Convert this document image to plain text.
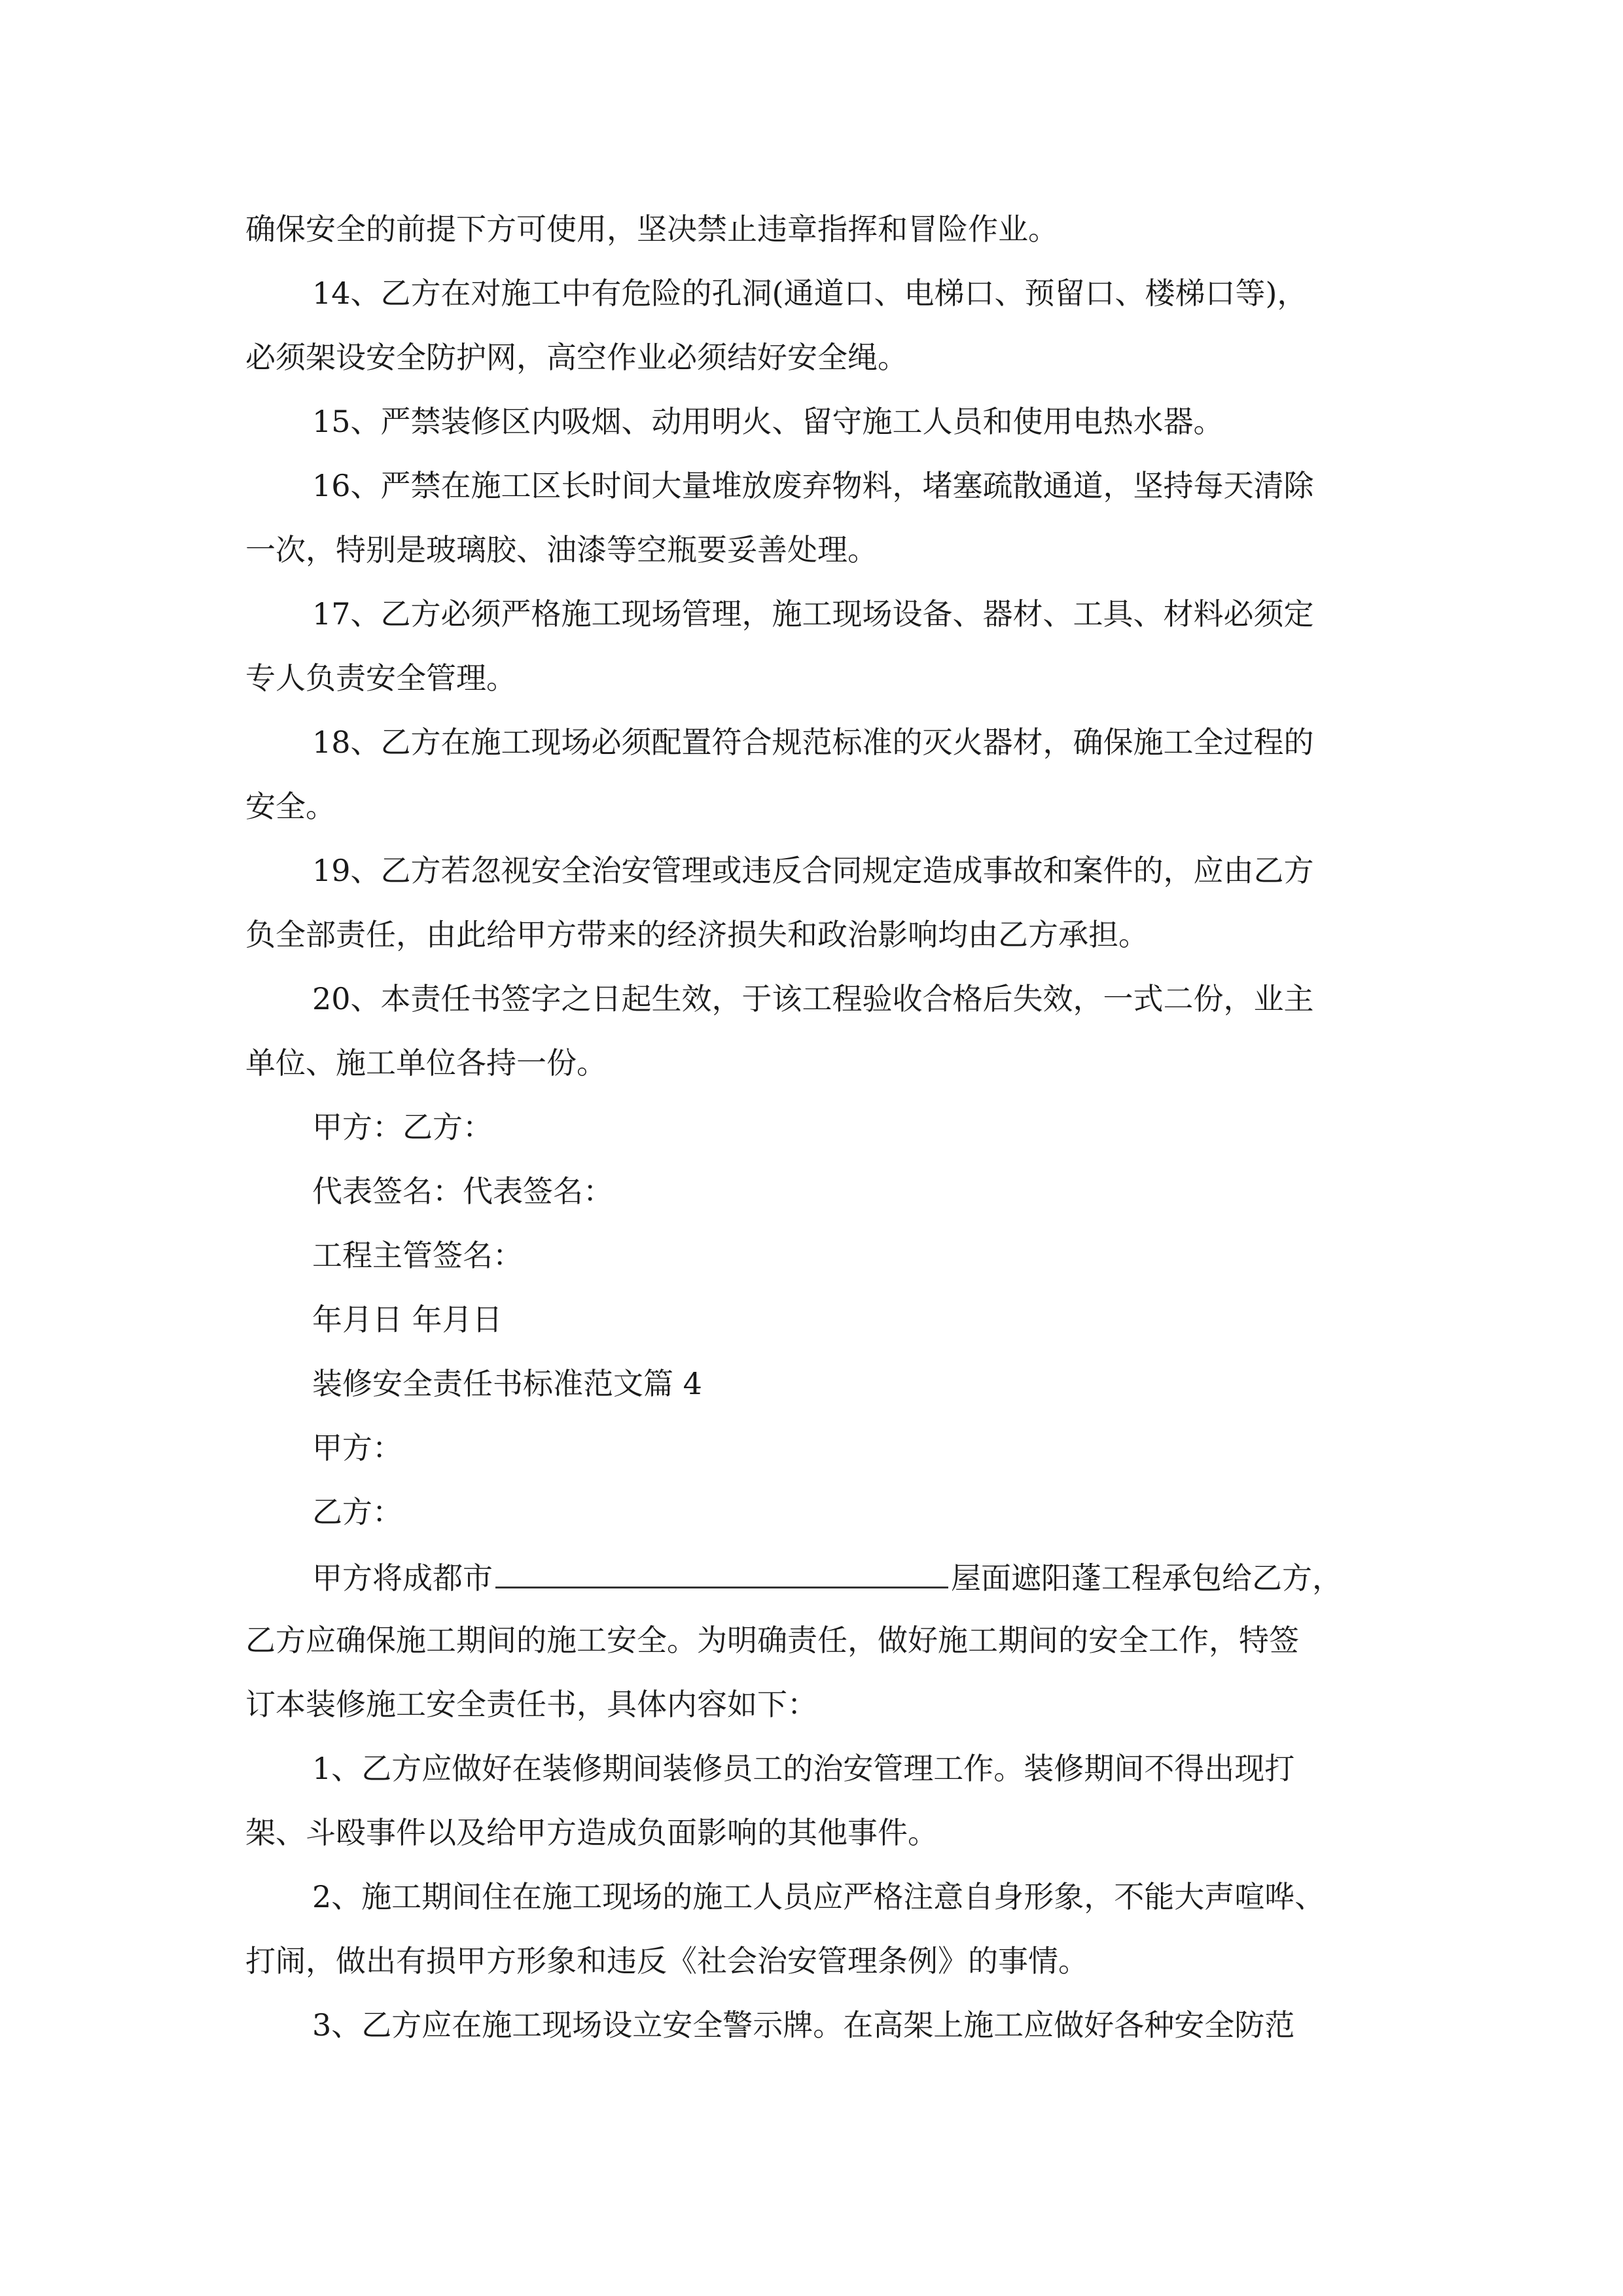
确保安全的前提下方可使用，坚决禁止违章指挥和冒险作业。
14、乙方在对施工中有危险的孔洞(通道口、电梯口、预留口、楼梯口等)，
必须架设安全防护网，高空作业必须结好安全绳。
15、严禁装修区内吸烟、动用明火、留守施工人员和使用电热水器。
16、严禁在施工区长时间大量堆放废弃物料，堵塞疏散通道，坚持每天清除
一次，特别是玻璃胶、油漆等空瓶要妥善处理。
17、乙方必须严格施工现场管理，施工现场设备、器材、工具、材料必须定
专人负责安全管理。
18、乙方在施工现场必须配置符合规范标准的灭火器材，确保施工全过程的
安全。
19、乙方若忽视安全治安管理或违反合同规定造成事故和案件的，应由乙方
负全部责任，由此给甲方带来的经济损失和政治影响均由乙方承担。
20、本责任书签字之日起生效，于该工程验收合格后失效，一式二份，业主
单位、施工单位各持一份。
甲方：乙方：
代表签名：代表签名：
工程主管签名：
年月日 年月日
装修安全责任书标准范文篇 4
甲方：
乙方：
甲方将成都市	屋面遮阳蓬工程承包给乙方，
乙方应确保施工期间的施工安全。为明确责任，做好施工期间的安全工作，特签
订本装修施工安全责任书，具体内容如下：
1、乙方应做好在装修期间装修员工的治安管理工作。装修期间不得出现打
架、斗殴事件以及给甲方造成负面影响的其他事件。
2、施工期间住在施工现场的施工人员应严格注意自身形象，不能大声喧哗、
打闹，做出有损甲方形象和违反《社会治安管理条例》的事情。
3、乙方应在施工现场设立安全警示牌。在高架上施工应做好各种安全防范
